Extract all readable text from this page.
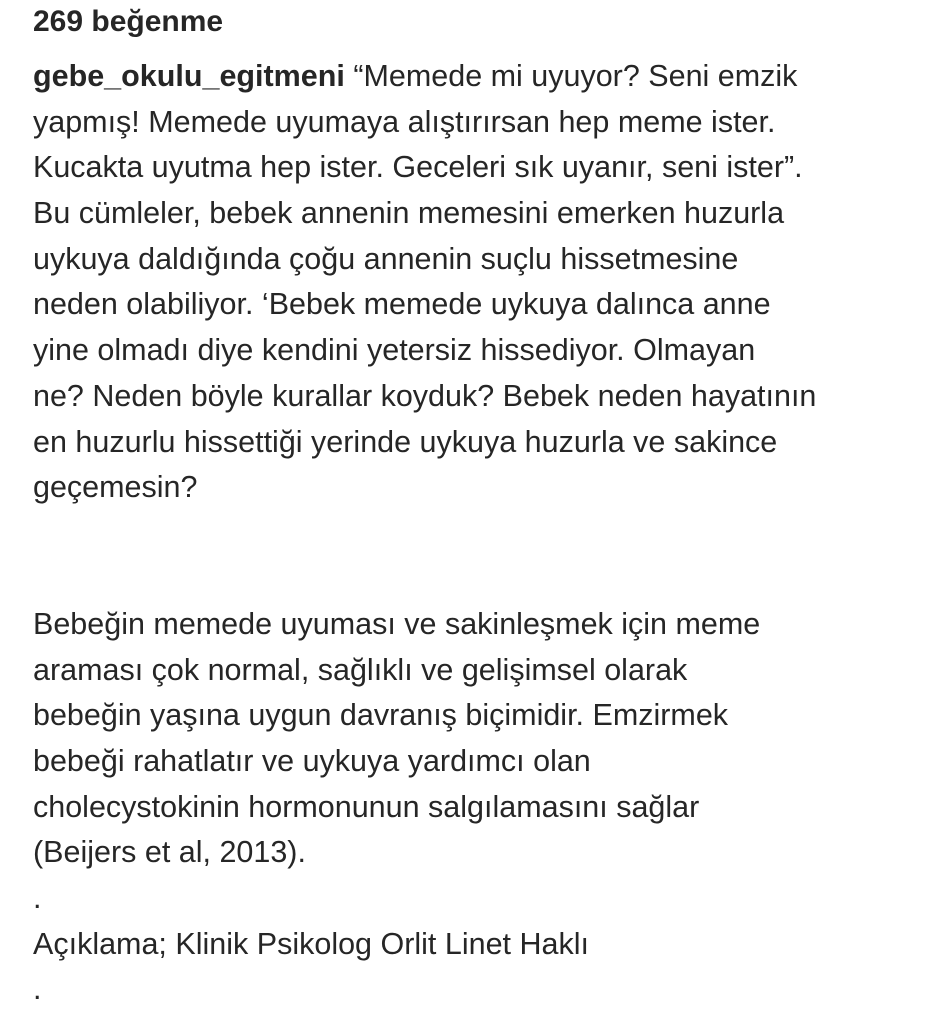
269 beğenme
gebe_okulu_egitmeni “Memede mi uyuyor? Seni emzik
yapmış! Memede uyumaya alıştırırsan hep meme ister.
Kucakta uyutma hep ister. Geceleri sık uyanır, seni ister”.
Bu cümleler, bebek annenin memesini emerken huzurla
uykuya daldığında çoğu annenin suçlu hissetmesine
neden olabiliyor. ‘Bebek memede uykuya dalınca anne
yine olmadı diye kendini yetersiz hissediyor. Olmayan
ne? Neden böyle kurallar koyduk? Bebek neden hayatının
en huzurlu hissettiği yerinde uykuya huzurla ve sakince
geçemesin?
Bebeğin memede uyuması ve sakinleşmek için meme
araması çok normal, sağlıklı ve gelişimsel olarak
bebeğin yaşına uygun davranış biçimidir. Emzirmek
bebeği rahatlatır ve uykuya yardımcı olan
cholecystokinin hormonunun salgılamasını sağlar
(Beijers et al, 2013).
.
Açıklama; Klinik Psikolog Orlit Linet Haklı
.
